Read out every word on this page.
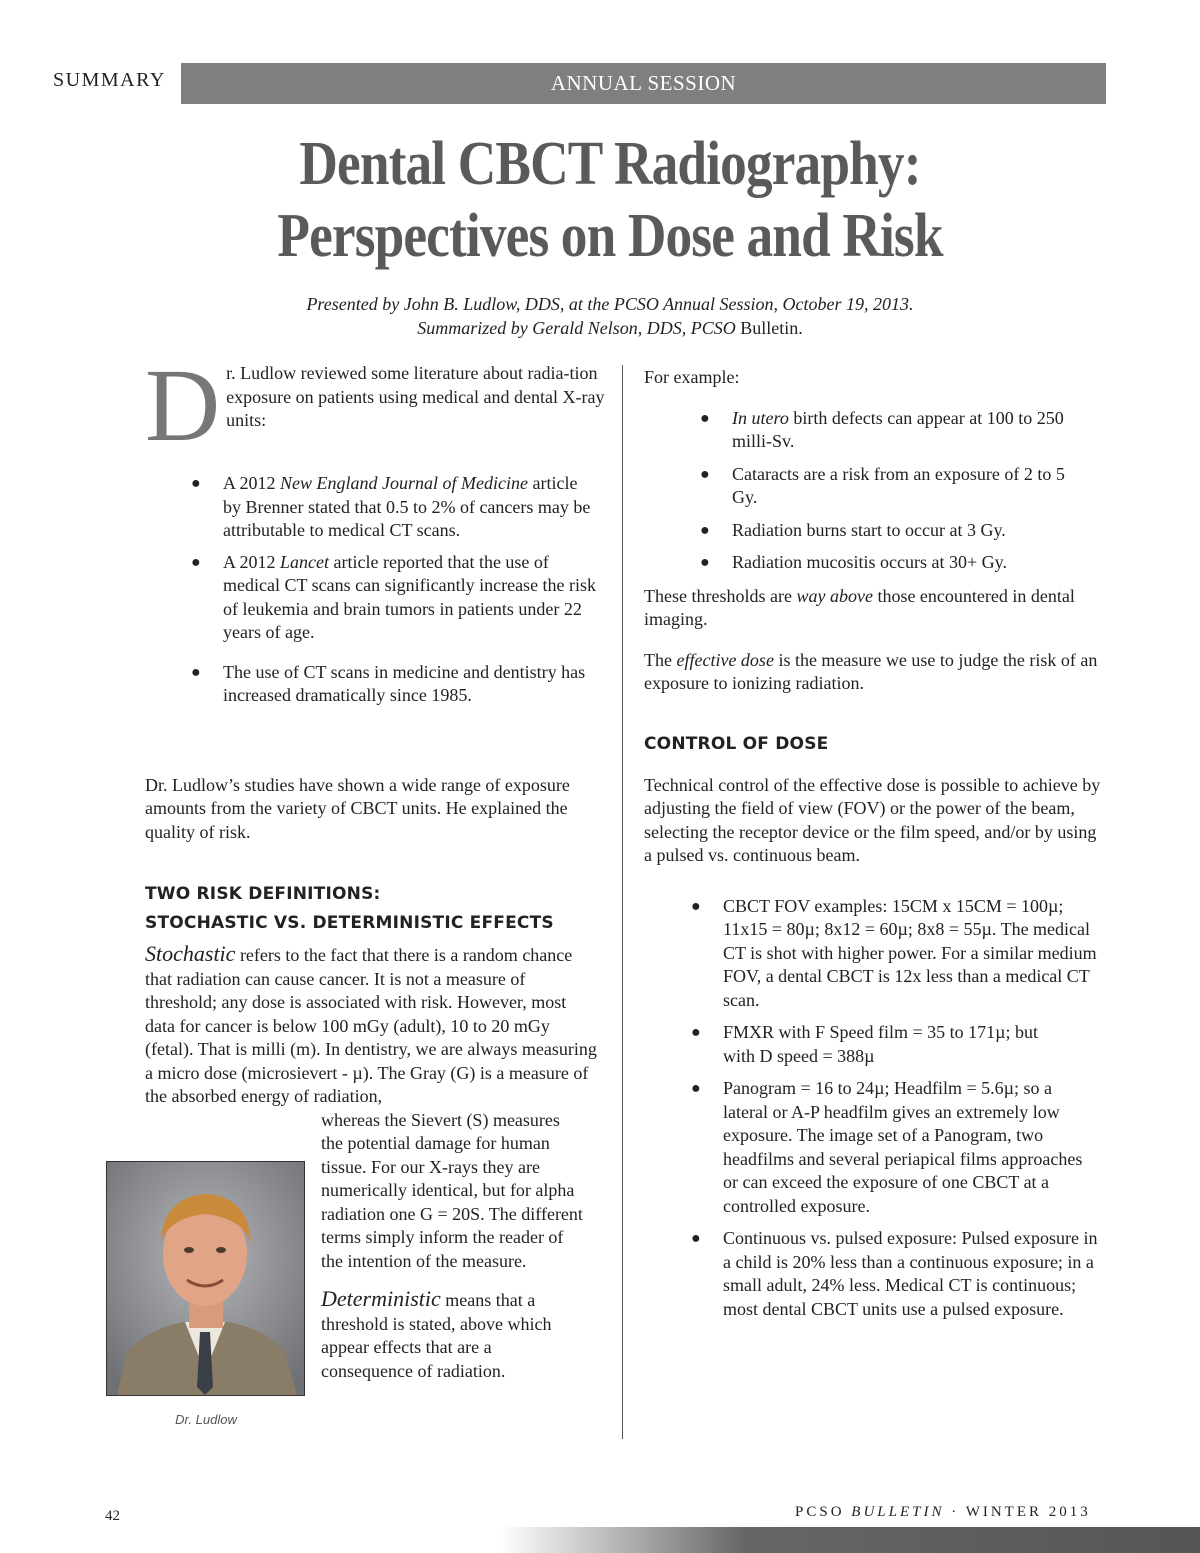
SUMMARY	ANNUAL SESSION
Dental CBCT Radiography:
Perspectives on Dose and Risk
Presented by John B. Ludlow, DDS, at the PCSO Annual Session, October 19, 2013.
Summarized by Gerald Nelson, DDS, PCSO Bulletin.

D r. Ludlow reviewed some literature about radia-tion exposure on patients using medical and dental X-ray units:

● A 2012 New England Journal of Medicine article by Brenner stated that 0.5 to 2% of cancers may be attributable to medical CT scans.
● A 2012 Lancet article reported that the use of medical CT scans can significantly increase the risk of leukemia and brain tumors in patients under 22 years of age.
● The use of CT scans in medicine and dentistry has increased dramatically since 1985.

Dr. Ludlow’s studies have shown a wide range of exposure amounts from the variety of CBCT units. He explained the quality of risk.

TWO RISK DEFINITIONS:
STOCHASTIC VS. DETERMINISTIC EFFECTS

Stochastic refers to the fact that there is a random chance that radiation can cause cancer. It is not a measure of threshold; any dose is associated with risk. However, most data for cancer is below 100 mGy (adult), 10 to 20 mGy (fetal). That is milli (m). In dentistry, we are always measuring a micro dose (microsievert - µ). The Gray (G) is a measure of the absorbed energy of radiation,

whereas the Sievert (S) measures the potential damage for human tissue. For our X-rays they are numerically identical, but for alpha radiation one G = 20S. The different terms simply inform the reader of the intention of the measure.

Deterministic means that a threshold is stated, above which appear effects that are a consequence of radiation.

Dr. Ludlow

For example:

● In utero birth defects can appear at 100 to 250 milli-Sv.
● Cataracts are a risk from an exposure of 2 to 5 Gy.
● Radiation burns start to occur at 3 Gy.
● Radiation mucositis occurs at 30+ Gy.

These thresholds are way above those encountered in dental imaging.

The effective dose is the measure we use to judge the risk of an exposure to ionizing radiation.

CONTROL OF DOSE

Technical control of the effective dose is possible to achieve by adjusting the field of view (FOV) or the power of the beam, selecting the receptor device or the film speed, and/or by using a pulsed vs. continuous beam.

● CBCT FOV examples: 15CM x 15CM = 100µ; 11x15 = 80µ; 8x12 = 60µ; 8x8 = 55µ. The medical CT is shot with higher power. For a similar medium FOV, a dental CBCT is 12x less than a medical CT scan.
● FMXR with F Speed film = 35 to 171µ; but with D speed = 388µ
● Panogram = 16 to 24µ; Headfilm = 5.6µ; so a lateral or A-P headfilm gives an extremely low exposure. The image set of a Panogram, two headfilms and several periapical films approaches or can exceed the exposure of one CBCT at a controlled exposure.
● Continuous vs. pulsed exposure: Pulsed exposure in a child is 20% less than a continuous exposure; in a small adult, 24% less. Medical CT is continuous; most dental CBCT units use a pulsed exposure.
42	PCSO BULLETIN · WINTER 2013
